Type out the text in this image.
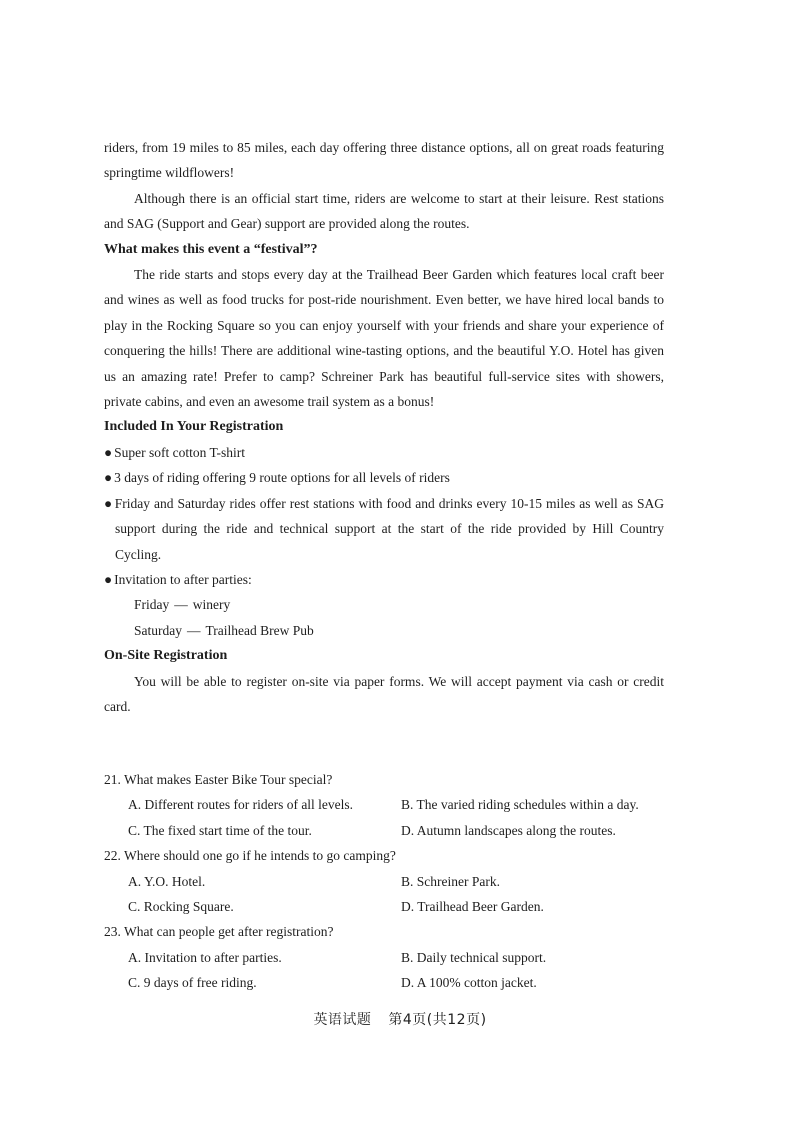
riders, from 19 miles to 85 miles, each day offering three distance options, all on great roads featuring springtime wildflowers!

Although there is an official start time, riders are welcome to start at their leisure. Rest stations and SAG (Support and Gear) support are provided along the routes.

What makes this event a “festival”?

The ride starts and stops every day at the Trailhead Beer Garden which features local craft beer and wines as well as food trucks for post-ride nourishment. Even better, we have hired local bands to play in the Rocking Square so you can enjoy yourself with your friends and share your experience of conquering the hills! There are additional wine-tasting options, and the beautiful Y.O. Hotel has given us an amazing rate! Prefer to camp? Schreiner Park has beautiful full-service sites with showers, private cabins, and even an awesome trail system as a bonus!

Included In Your Registration

● Super soft cotton T-shirt

● 3 days of riding offering 9 route options for all levels of riders

● Friday and Saturday rides offer rest stations with food and drinks every 10-15 miles as well as SAG support during the ride and technical support at the start of the ride provided by Hill Country Cycling.

● Invitation to after parties:

Friday — winery

Saturday — Trailhead Brew Pub

On-Site Registration

You will be able to register on-site via paper forms. We will accept payment via cash or credit card.

21. What makes Easter Bike Tour special?

A. Different routes for riders of all levels.	B. The varied riding schedules within a day.
C. The fixed start time of the tour.	D. Autumn landscapes along the routes.

22. Where should one go if he intends to go camping?

A. Y.O. Hotel.	B. Schreiner Park.
C. Rocking Square.	D. Trailhead Beer Garden.

23. What can people get after registration?

A. Invitation to after parties.	B. Daily technical support.
C. 9 days of free riding.	D. A 100% cotton jacket.
英语试题 第4页(共12页)
